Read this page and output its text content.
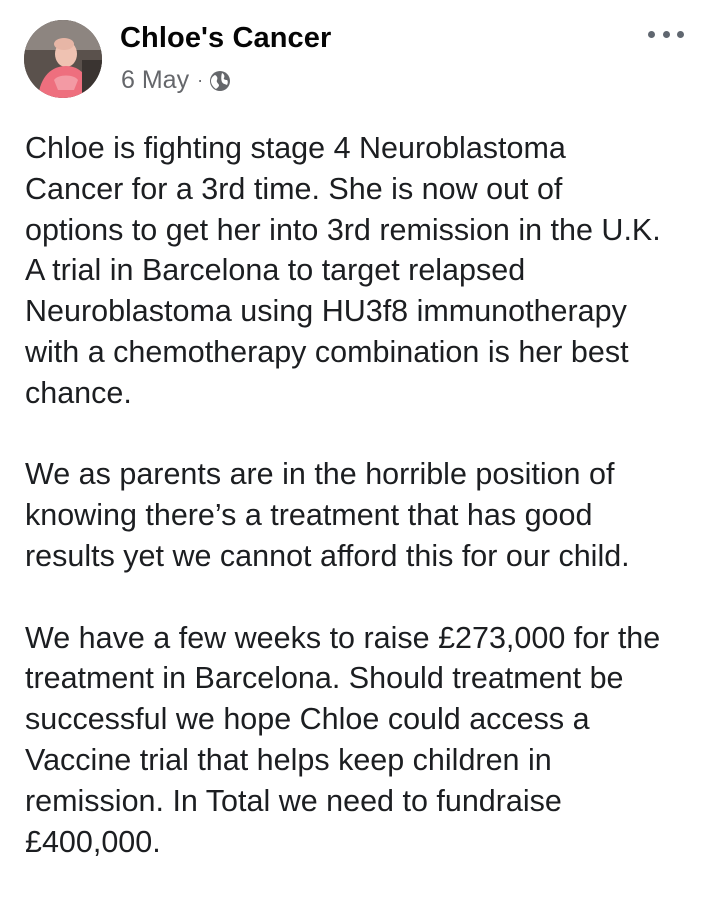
Chloe's Cancer
6 May ·

Chloe is fighting stage 4 Neuroblastoma
Cancer for a 3rd time. She is now out of
options to get her into 3rd remission in the U.K.
A trial in Barcelona to target relapsed
Neuroblastoma using HU3f8 immunotherapy
with a chemotherapy combination is her best
chance.

We as parents are in the horrible position of
knowing there’s a treatment that has good
results yet we cannot afford this for our child.

We have a few weeks to raise £273,000 for the
treatment in Barcelona. Should treatment be
successful we hope Chloe could access a
Vaccine trial that helps keep children in
remission. In Total we need to fundraise
£400,000.
